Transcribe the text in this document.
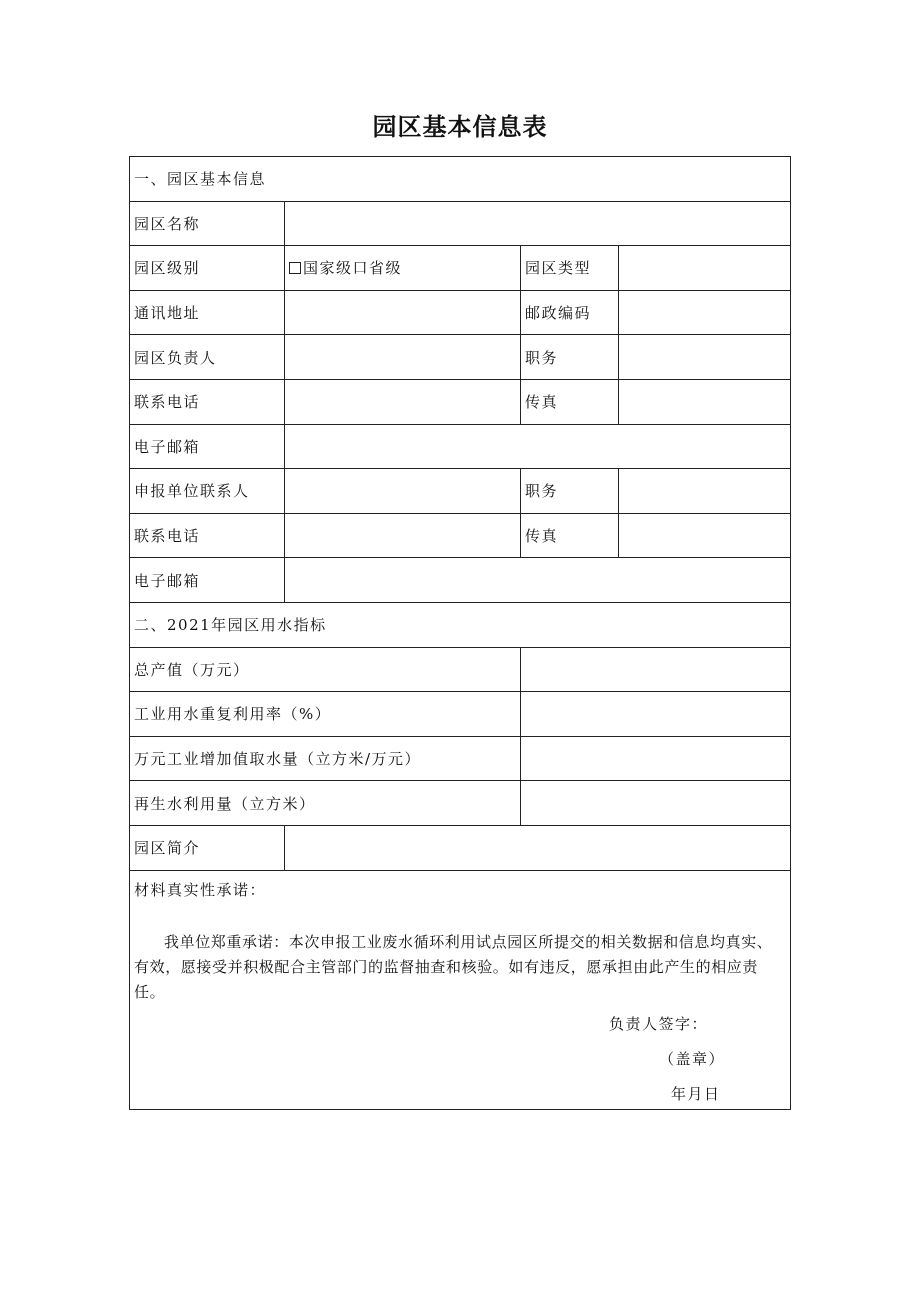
园区基本信息表
一、园区基本信息			
园区名称			
园区级别	国家级口省级	园区类型	
通讯地址		邮政编码	
园区负责人		职务	
联系电话		传真	
电子邮箱			
申报单位联系人		职务	
联系电话		传真	
电子邮箱			
二、2021年园区用水指标			
总产值（万元）			
工业用水重复利用率（%）			
万元工业增加值取水量（立方米/万元）			
再生水利用量（立方米）			
园区简介			

材料真实性承诺：
我单位郑重承诺：本次申报工业废水循环利用试点园区所提交的相关数据和信息均真实、有效，愿接受并积极配合主管部门的监督抽查和核验。如有违反，愿承担由此产生的相应责任。
负责人签字：
（盖章）
年月日			
